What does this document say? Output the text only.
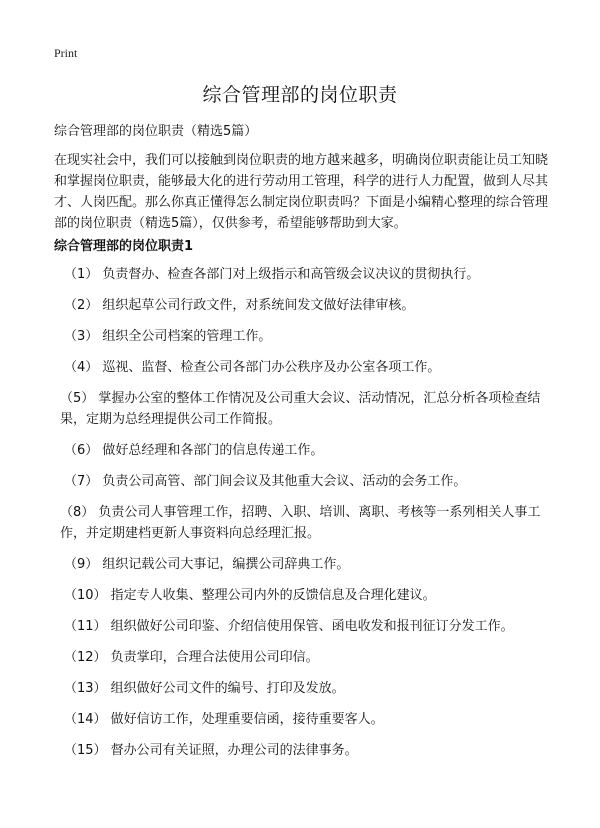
Print
综合管理部的岗位职责
综合管理部的岗位职责（精选5篇）

在现实社会中，我们可以接触到岗位职责的地方越来越多，明确岗位职责能让员工知晓和掌握岗位职责，能够最大化的进行劳动用工管理，科学的进行人力配置，做到人尽其才、人岗匹配。那么你真正懂得怎么制定岗位职责吗？下面是小编精心整理的综合管理部的岗位职责（精选5篇），仅供参考，希望能够帮助到大家。

综合管理部的岗位职责1
（1） 负责督办、检查各部门对上级指示和高管级会议决议的贯彻执行。
（2） 组织起草公司行政文件，对系统间发文做好法律审核。
（3） 组织全公司档案的管理工作。
（4） 巡视、监督、检查公司各部门办公秩序及办公室各项工作。
（5） 掌握办公室的整体工作情况及公司重大会议、活动情况，汇总分析各项检查结果，定期为总经理提供公司工作简报。
（6） 做好总经理和各部门的信息传递工作。
（7） 负责公司高管、部门间会议及其他重大会议、活动的会务工作。
（8） 负责公司人事管理工作，招聘、入职、培训、离职、考核等一系列相关人事工作，并定期建档更新人事资料向总经理汇报。
（9） 组织记载公司大事记，编撰公司辞典工作。
（10） 指定专人收集、整理公司内外的反馈信息及合理化建议。
（11） 组织做好公司印鉴、介绍信使用保管、函电收发和报刊征订分发工作。
（12） 负责掌印，合理合法使用公司印信。
（13） 组织做好公司文件的编号、打印及发放。
（14） 做好信访工作，处理重要信函，接待重要客人。
（15） 督办公司有关证照，办理公司的法律事务。
